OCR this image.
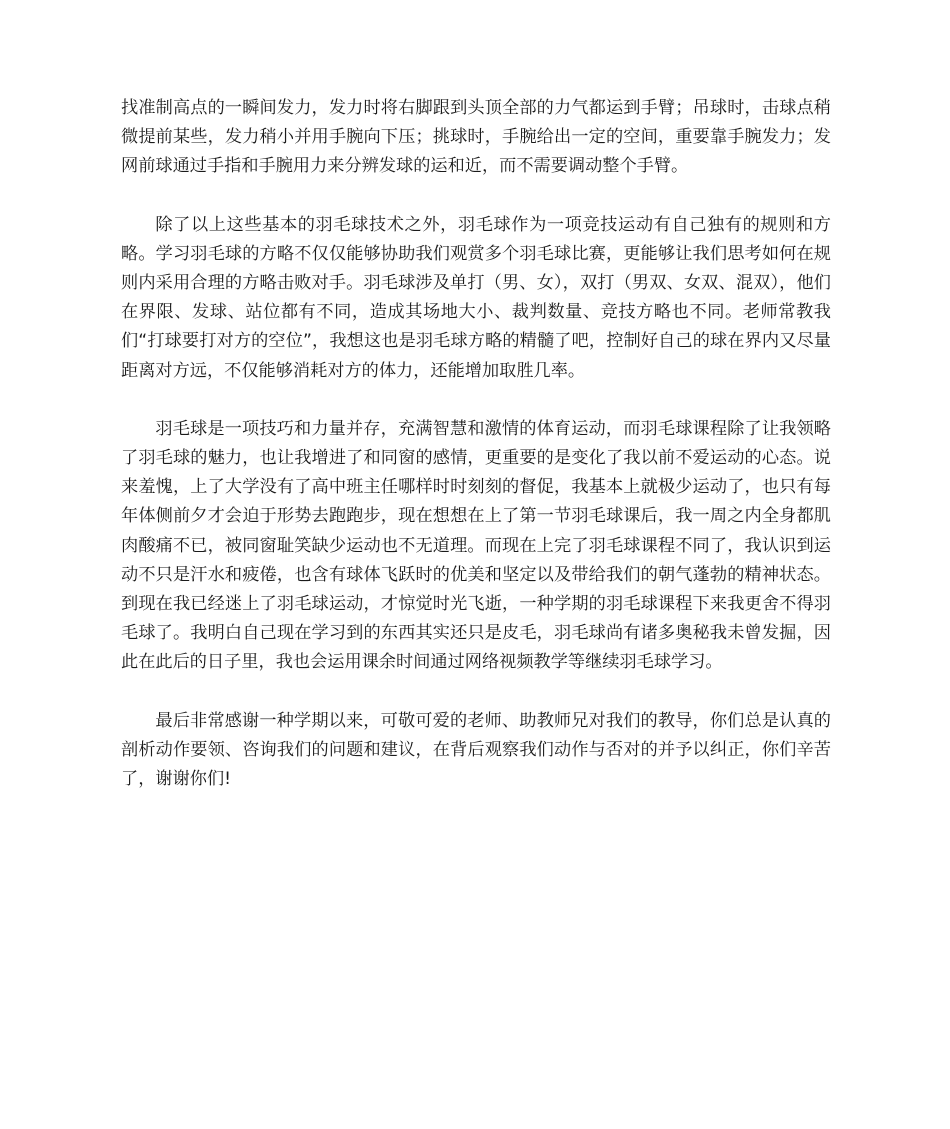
找准制高点的一瞬间发力，发力时将右脚跟到头顶全部的力气都运到手臂；吊球时，击球点稍微提前某些，发力稍小并用手腕向下压；挑球时，手腕给出一定的空间，重要靠手腕发力；发网前球通过手指和手腕用力来分辨发球的运和近，而不需要调动整个手臂。

除了以上这些基本的羽毛球技术之外，羽毛球作为一项竞技运动有自己独有的规则和方略。学习羽毛球的方略不仅仅能够协助我们观赏多个羽毛球比赛，更能够让我们思考如何在规则内采用合理的方略击败对手。羽毛球涉及单打（男、女），双打（男双、女双、混双），他们在界限、发球、站位都有不同，造成其场地大小、裁判数量、竞技方略也不同。老师常教我们“打球要打对方的空位”，我想这也是羽毛球方略的精髓了吧，控制好自己的球在界内又尽量距离对方远，不仅能够消耗对方的体力，还能增加取胜几率。

羽毛球是一项技巧和力量并存，充满智慧和激情的体育运动，而羽毛球课程除了让我领略了羽毛球的魅力，也让我增进了和同窗的感情，更重要的是变化了我以前不爱运动的心态。说来羞愧，上了大学没有了高中班主任哪样时时刻刻的督促，我基本上就极少运动了，也只有每年体侧前夕才会迫于形势去跑跑步，现在想想在上了第一节羽毛球课后，我一周之内全身都肌肉酸痛不已，被同窗耻笑缺少运动也不无道理。而现在上完了羽毛球课程不同了，我认识到运动不只是汗水和疲倦，也含有球体飞跃时的优美和坚定以及带给我们的朝气蓬勃的精神状态。到现在我已经迷上了羽毛球运动，才惊觉时光飞逝，一种学期的羽毛球课程下来我更舍不得羽毛球了。我明白自己现在学习到的东西其实还只是皮毛，羽毛球尚有诸多奥秘我未曾发掘，因此在此后的日子里，我也会运用课余时间通过网络视频教学等继续羽毛球学习。

最后非常感谢一种学期以来，可敬可爱的老师、助教师兄对我们的教导，你们总是认真的剖析动作要领、咨询我们的问题和建议，在背后观察我们动作与否对的并予以纠正，你们辛苦了，谢谢你们!
